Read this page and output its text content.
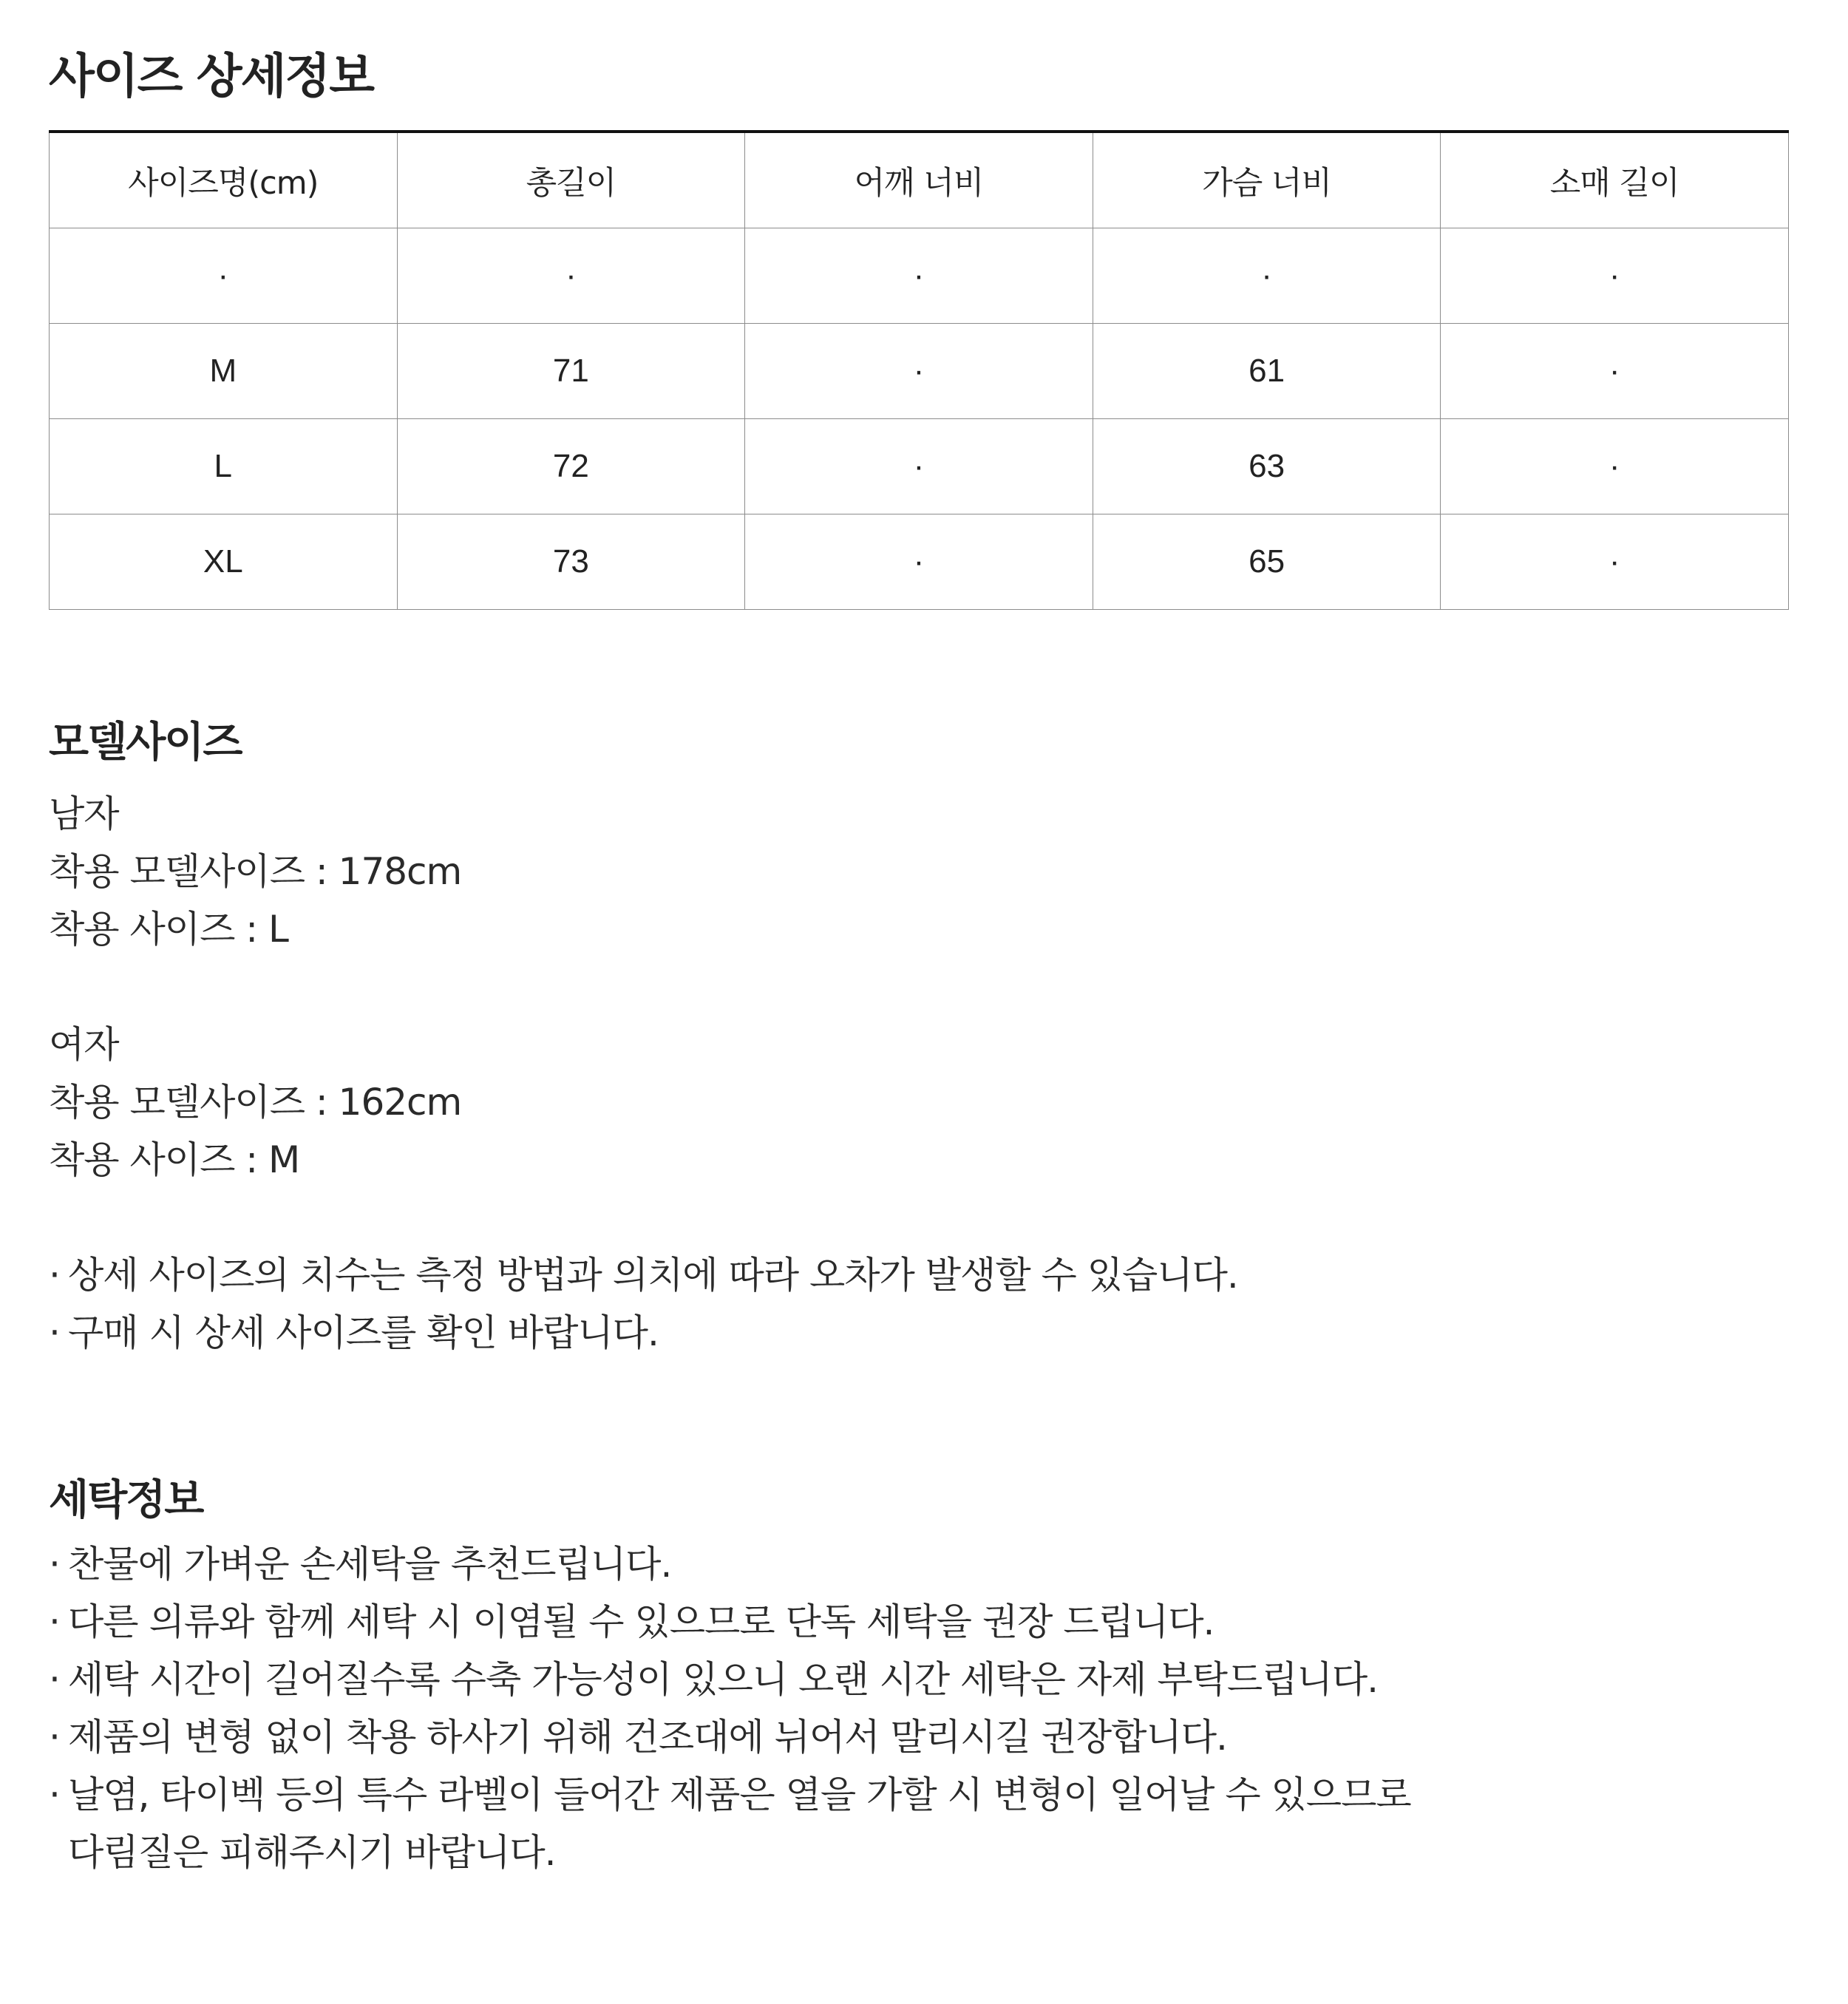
사이즈 상세정보
사이즈명(cm)	총길이	어깨 너비	가슴 너비	소매 길이
·	·	·	·	·
M	71	·	61	·
L	72	·	63	·
XL	73	·	65	·
모델사이즈
남자
착용 모델사이즈 : 178cm
착용 사이즈 : L
여자
착용 모델사이즈 : 162cm
착용 사이즈 : M
· 상세 사이즈의 치수는 측정 방법과 의치에 따라 오차가 발생할 수 있습니다.
· 구매 시 상세 사이즈를 확인 바랍니다.
세탁정보
· 찬물에 가벼운 손세탁을 추천드립니다.
· 다른 의류와 함께 세탁 시 이염될 수 있으므로 단독 세탁을 권장 드립니다.
· 세탁 시간이 길어질수록 수축 가능성이 있으니 오랜 시간 세탁은 자제 부탁드립니다.
· 제품의 변형 없이 착용 하사기 위해 건조대에 뉘어서 말리시길 권장합니다.
· 날염, 타이벡 등의 특수 라벨이 들어간 제품은 열을 가할 시 변형이 일어날 수 있으므로
다림질은 피해주시기 바랍니다.
